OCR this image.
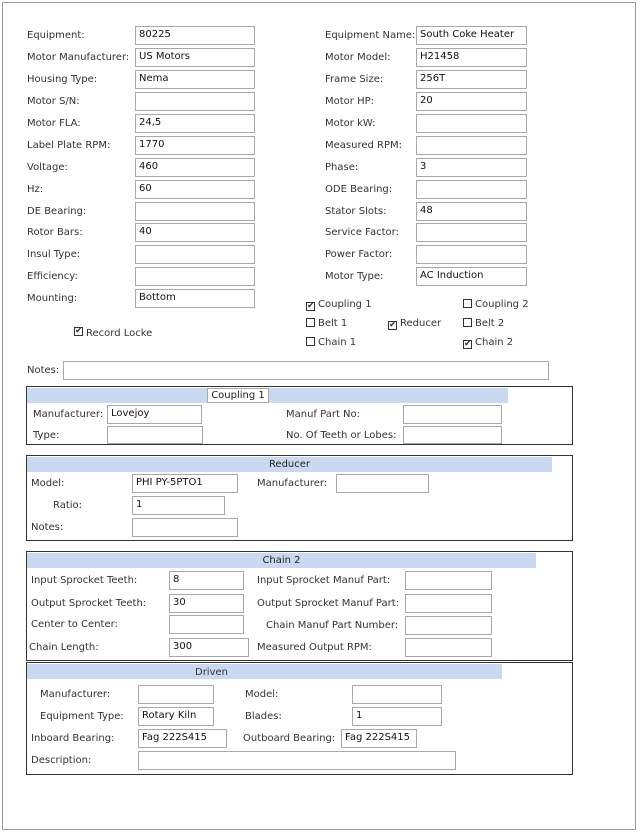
Equipment:	80225
Motor Manufacturer: US Motors
Housing Type:	Nema
Motor S/N:
Motor FLA:	24,5
Label Plate RPM:	1770
Voltage:	460
Hz:	60
DE Bearing:
Rotor Bars:	40
Insul Type:
Efficiency:
Mounting:	Bottom
Equipment Name: South Coke Heater
Motor Model:	H21458
Frame Size:	256T
Motor HP:	20
Motor kW:
Measured RPM:
Phase:	3
ODE Bearing:
Stator Slots:	48
Service Factor:
Power Factor:
Motor Type:	AC Induction
✔ Record Locke
✔ Coupling 1	Coupling 2
Belt 1	✔ Reducer	Belt 2
Chain 1	✔ Chain 2
Notes:
Coupling 1
Manufacturer: Lovejoy
Type:
Manuf Part No:
No. Of Teeth or Lobes:
Reducer
Model:	PHI PY-5PTO1	Manufacturer:
Ratio:	1
Notes:
Chain 2
Input Sprocket Teeth:	8
Output Sprocket Teeth:	30
Center to Center:
Chain Length:	300
Input Sprocket Manuf Part:
Output Sprocket Manuf Part:
Chain Manuf Part Number:
Measured Output RPM:
Driven
Manufacturer:
Equipment Type:	Rotary Kiln
Inboard Bearing:	Fag 222S415
Description:
Model:
Blades:	1
Outboard Bearing: Fag 222S415
